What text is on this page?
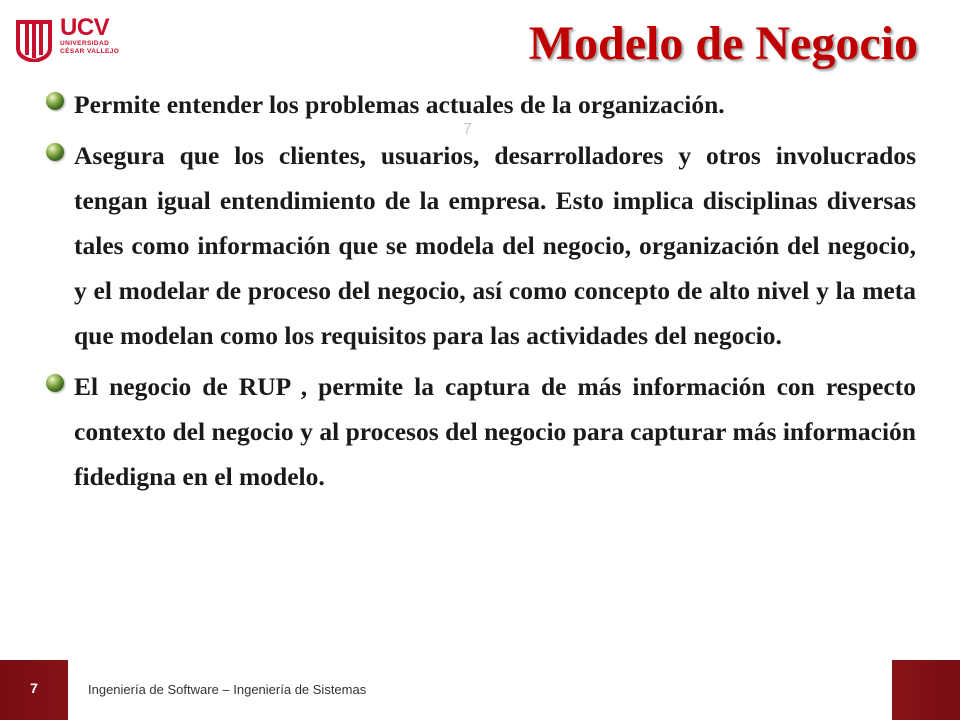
UCV
UNIVERSIDAD
CÉSAR VALLEJO	Modelo de Negocio
7

Permite entender los problemas actuales de la organización.

Asegura que los clientes, usuarios, desarrolladores y otros involucrados tengan igual entendimiento de la empresa. Esto implica disciplinas diversas tales como información que se modela del negocio, organización del negocio, y el modelar de proceso del negocio, así como concepto de alto nivel y la meta que modelan como los requisitos para las actividades del negocio.

El negocio de RUP , permite la captura de más información con respecto contexto del negocio y al procesos del negocio para capturar más información fidedigna en el modelo.

7	Ingeniería de Software – Ingeniería de Sistemas
